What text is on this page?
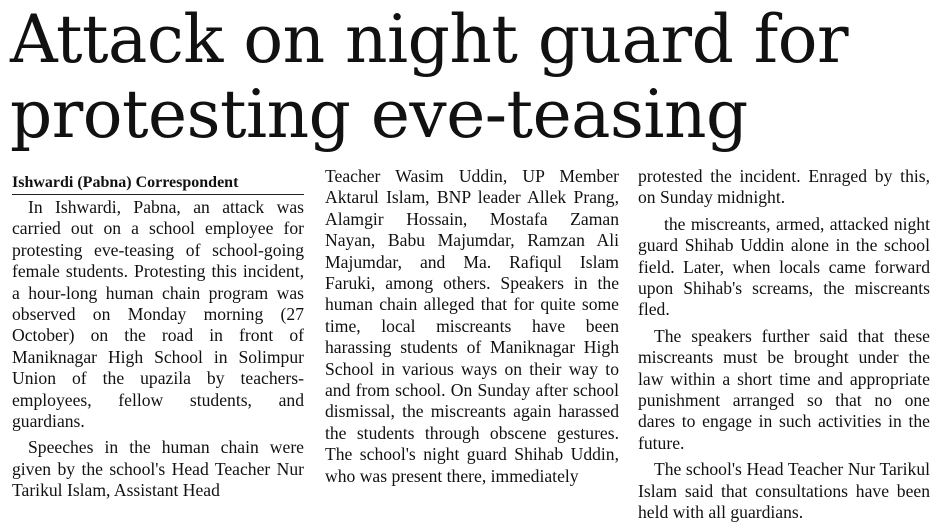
Attack on night guard for
protesting eve-teasing
Ishwardi (Pabna) Correspondent

In Ishwardi, Pabna, an attack was carried out on a school employee for protesting eve-teasing of school-going female students. Protesting this incident, a hour-long human chain program was observed on Monday morning (27 October) on the road in front of Maniknagar High School in Solimpur Union of the upazila by teachers-employees, fellow students, and guardians.

Speeches in the human chain were given by the school's Head Teacher Nur Tarikul Islam, Assistant Head

Teacher Wasim Uddin, UP Member Aktarul Islam, BNP leader Allek Prang, Alamgir Hossain, Mostafa Zaman Nayan, Babu Majumdar, Ramzan Ali Majumdar, and Ma. Rafiqul Islam Faruki, among others. Speakers in the human chain alleged that for quite some time, local miscreants have been harassing students of Maniknagar High School in various ways on their way to and from school. On Sunday after school dismissal, the miscreants again harassed the students through obscene gestures. The school's night guard Shihab Uddin, who was present there, immediately

protested the incident. Enraged by this, on Sunday midnight.

the miscreants, armed, attacked night guard Shihab Uddin alone in the school field. Later, when locals came forward upon Shihab's screams, the miscreants fled.

The speakers further said that these miscreants must be brought under the law within a short time and appropriate punishment arranged so that no one dares to engage in such activities in the future.

The school's Head Teacher Nur Tarikul Islam said that consultations have been held with all guardians.
